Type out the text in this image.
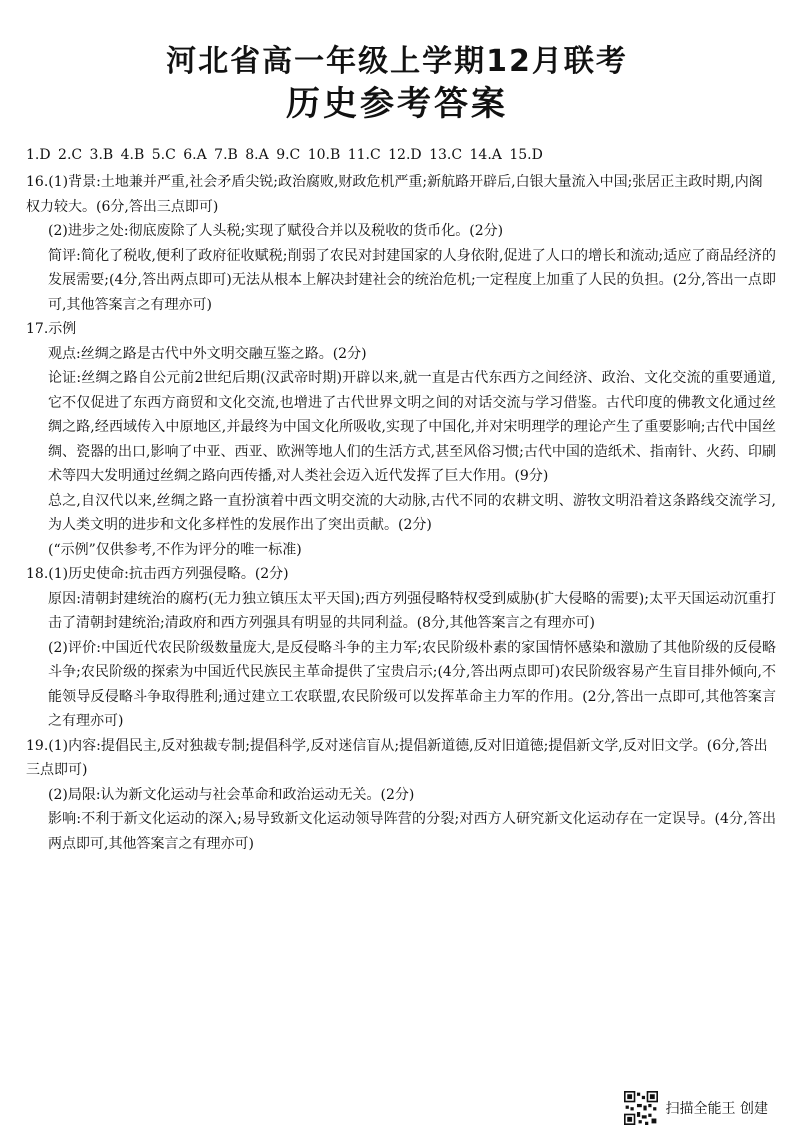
河北省高一年级上学期12月联考
历史参考答案
1.D 2.C 3.B 4.B 5.C 6.A 7.B 8.A 9.C 10.B 11.C 12.D 13.C 14.A 15.D

16.(1)背景:土地兼并严重,社会矛盾尖锐;政治腐败,财政危机严重;新航路开辟后,白银大量流入中国;张居正主政时期,内阁权力较大。(6分,答出三点即可)

(2)进步之处:彻底废除了人头税;实现了赋役合并以及税收的货币化。(2分)

简评:简化了税收,便利了政府征收赋税;削弱了农民对封建国家的人身依附,促进了人口的增长和流动;适应了商品经济的发展需要;(4分,答出两点即可)无法从根本上解决封建社会的统治危机;一定程度上加重了人民的负担。(2分,答出一点即可,其他答案言之有理亦可)

17.示例

观点:丝绸之路是古代中外文明交融互鉴之路。(2分)

论证:丝绸之路自公元前2世纪后期(汉武帝时期)开辟以来,就一直是古代东西方之间经济、政治、文化交流的重要通道,它不仅促进了东西方商贸和文化交流,也增进了古代世界文明之间的对话交流与学习借鉴。古代印度的佛教文化通过丝绸之路,经西域传入中原地区,并最终为中国文化所吸收,实现了中国化,并对宋明理学的理论产生了重要影响;古代中国丝绸、瓷器的出口,影响了中亚、西亚、欧洲等地人们的生活方式,甚至风俗习惯;古代中国的造纸术、指南针、火药、印刷术等四大发明通过丝绸之路向西传播,对人类社会迈入近代发挥了巨大作用。(9分)

总之,自汉代以来,丝绸之路一直扮演着中西文明交流的大动脉,古代不同的农耕文明、游牧文明沿着这条路线交流学习,为人类文明的进步和文化多样性的发展作出了突出贡献。(2分)

(“示例”仅供参考,不作为评分的唯一标准)

18.(1)历史使命:抗击西方列强侵略。(2分)

原因:清朝封建统治的腐朽(无力独立镇压太平天国);西方列强侵略特权受到威胁(扩大侵略的需要);太平天国运动沉重打击了清朝封建统治;清政府和西方列强具有明显的共同利益。(8分,其他答案言之有理亦可)

(2)评价:中国近代农民阶级数量庞大,是反侵略斗争的主力军;农民阶级朴素的家国情怀感染和激励了其他阶级的反侵略斗争;农民阶级的探索为中国近代民族民主革命提供了宝贵启示;(4分,答出两点即可)农民阶级容易产生盲目排外倾向,不能领导反侵略斗争取得胜利;通过建立工农联盟,农民阶级可以发挥革命主力军的作用。(2分,答出一点即可,其他答案言之有理亦可)

19.(1)内容:提倡民主,反对独裁专制;提倡科学,反对迷信盲从;提倡新道德,反对旧道德;提倡新文学,反对旧文学。(6分,答出三点即可)

(2)局限:认为新文化运动与社会革命和政治运动无关。(2分)

影响:不利于新文化运动的深入;易导致新文化运动领导阵营的分裂;对西方人研究新文化运动存在一定误导。(4分,答出两点即可,其他答案言之有理亦可)

扫描全能王 创建
